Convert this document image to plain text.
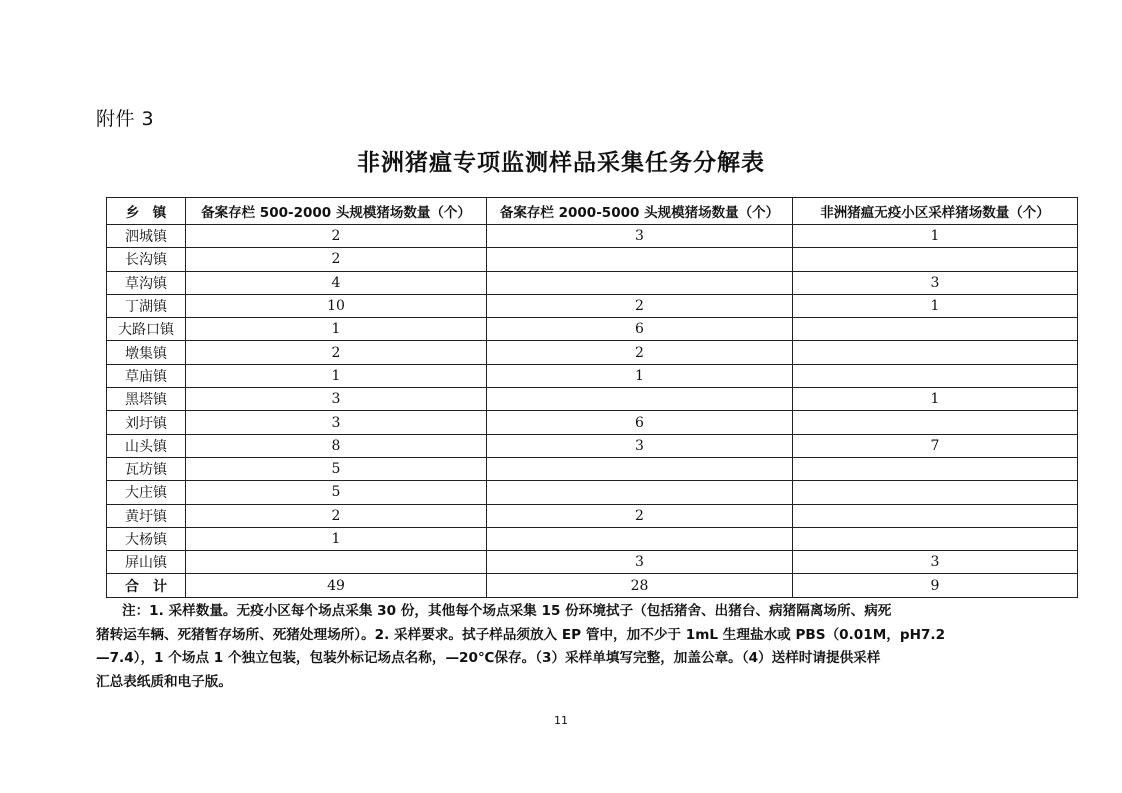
附件 3
非洲猪瘟专项监测样品采集任务分解表
乡　镇	备案存栏 500-2000 头规模猪场数量（个）	备案存栏 2000-5000 头规模猪场数量（个）	非洲猪瘟无疫小区采样猪场数量（个）
泗城镇	2	3	1
长沟镇	2		
草沟镇	4		3
丁湖镇	10	2	1
大路口镇	1	6	
墩集镇	2	2	
草庙镇	1	1	
黑塔镇	3		1
刘圩镇	3	6	
山头镇	8	3	7
瓦坊镇	5		
大庄镇	5		
黄圩镇	2	2	
大杨镇	1		
屏山镇		3	3
合　计	49	28	9
注：1. 采样数量。无疫小区每个场点采集 30 份，其他每个场点采集 15 份环境拭子（包括猪舍、出猪台、病猪隔离场所、病死
猪转运车辆、死猪暂存场所、死猪处理场所）。2. 采样要求。拭子样品须放入 EP 管中，加不少于 1mL 生理盐水或 PBS（0.01M，pH7.2
—7.4），1 个场点 1 个独立包装，包装外标记场点名称，—20℃保存。（3）采样单填写完整，加盖公章。（4）送样时请提供采样
汇总表纸质和电子版。
11
